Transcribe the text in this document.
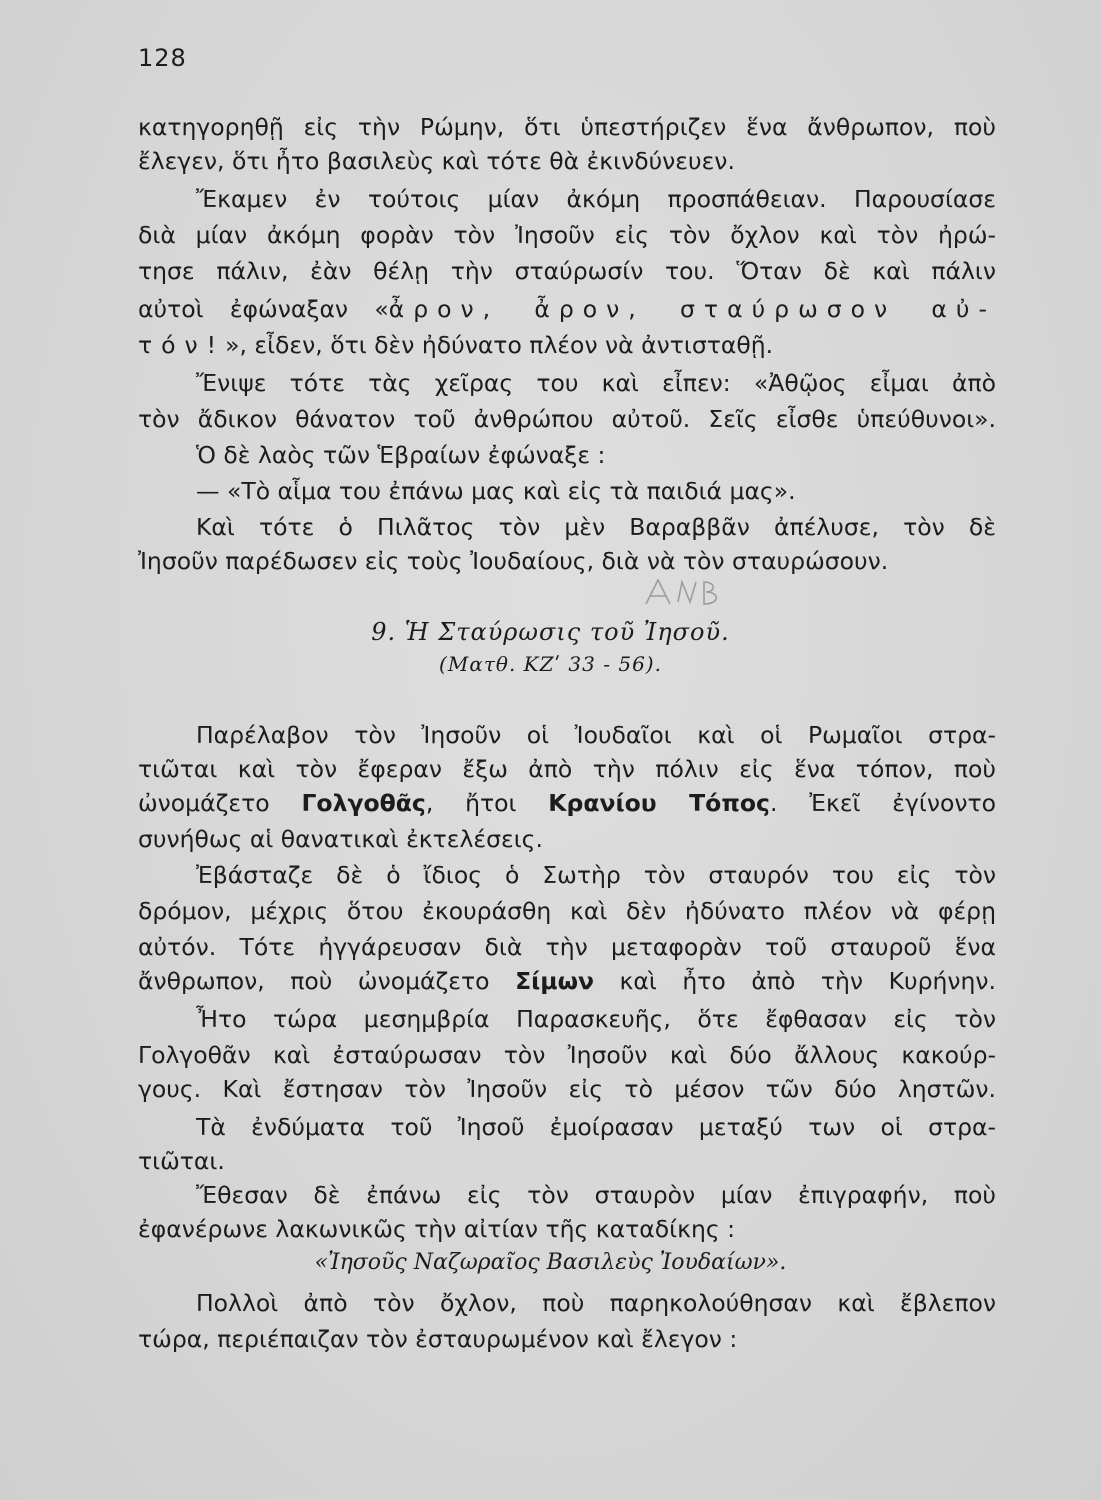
128
κατηγορηθῇ εἰς τὴν Ρώμην, ὅτι ὑπεστήριζεν ἕνα ἄνθρωπον, ποὺ
ἔλεγεν, ὅτι ἦτο βασιλεὺς καὶ τότε θὰ ἐκινδύνευεν.
Ἔκαμεν ἐν τούτοις μίαν ἀκόμη προσπάθειαν. Παρουσίασε
διὰ μίαν ἀκόμη φορὰν τὸν Ἰησοῦν εἰς τὸν ὄχλον καὶ τὸν ἠρώ-
τησε πάλιν, ἐὰν θέλῃ τὴν σταύρωσίν του. Ὅταν δὲ καὶ πάλιν
αὐτοὶ ἐφώναξαν «ἆρον, ἆρον, σταύρωσον αὐ-
τόν!», εἶδεν, ὅτι δὲν ἠδύνατο πλέον νὰ ἀντισταθῇ.
Ἔνιψε τότε τὰς χεῖρας του καὶ εἶπεν: «Ἀθῷος εἶμαι ἀπὸ
τὸν ἄδικον θάνατον τοῦ ἀνθρώπου αὐτοῦ. Σεῖς εἶσθε ὑπεύθυνοι».
Ὁ δὲ λαὸς τῶν Ἑβραίων ἐφώναξε :
— «Τὸ αἷμα του ἐπάνω μας καὶ εἰς τὰ παιδιά μας».
Καὶ τότε ὁ Πιλᾶτος τὸν μὲν Βαραββᾶν ἀπέλυσε, τὸν δὲ
Ἰησοῦν παρέδωσεν εἰς τοὺς Ἰουδαίους, διὰ νὰ τὸν σταυρώσουν.
9. Ἡ Σταύρωσις τοῦ Ἰησοῦ.
(Ματθ. ΚΖʹ 33 - 56).
Παρέλαβον τὸν Ἰησοῦν οἱ Ἰουδαῖοι καὶ οἱ Ρωμαῖοι στρα-
τιῶται καὶ τὸν ἔφεραν ἔξω ἀπὸ τὴν πόλιν εἰς ἕνα τόπον, ποὺ
ὠνομάζετο Γολγοθᾶς, ἤτοι Κρανίου Τόπος. Ἐκεῖ ἐγίνοντο
συνήθως αἱ θανατικαὶ ἐκτελέσεις.
Ἐβάσταζε δὲ ὁ ἴδιος ὁ Σωτὴρ τὸν σταυρόν του εἰς τὸν
δρόμον, μέχρις ὅτου ἐκουράσθη καὶ δὲν ἠδύνατο πλέον νὰ φέρῃ
αὐτόν. Τότε ἠγγάρευσαν διὰ τὴν μεταφορὰν τοῦ σταυροῦ ἕνα
ἄνθρωπον, ποὺ ὠνομάζετο Σίμων καὶ ἦτο ἀπὸ τὴν Κυρήνην.
Ἦτο τώρα μεσημβρία Παρασκευῆς, ὅτε ἔφθασαν εἰς τὸν
Γολγοθᾶν καὶ ἐσταύρωσαν τὸν Ἰησοῦν καὶ δύο ἄλλους κακούρ-
γους. Καὶ ἔστησαν τὸν Ἰησοῦν εἰς τὸ μέσον τῶν δύο ληστῶν.
Τὰ ἐνδύματα τοῦ Ἰησοῦ ἐμοίρασαν μεταξύ των οἱ στρα-
τιῶται.
Ἔθεσαν δὲ ἐπάνω εἰς τὸν σταυρὸν μίαν ἐπιγραφήν, ποὺ
ἐφανέρωνε λακωνικῶς τὴν αἰτίαν τῆς καταδίκης :
«Ἰησοῦς Ναζωραῖος Βασιλεὺς Ἰουδαίων».
Πολλοὶ ἀπὸ τὸν ὄχλον, ποὺ παρηκολούθησαν καὶ ἔβλεπον
τώρα, περιέπαιζαν τὸν ἐσταυρωμένον καὶ ἔλεγον :
